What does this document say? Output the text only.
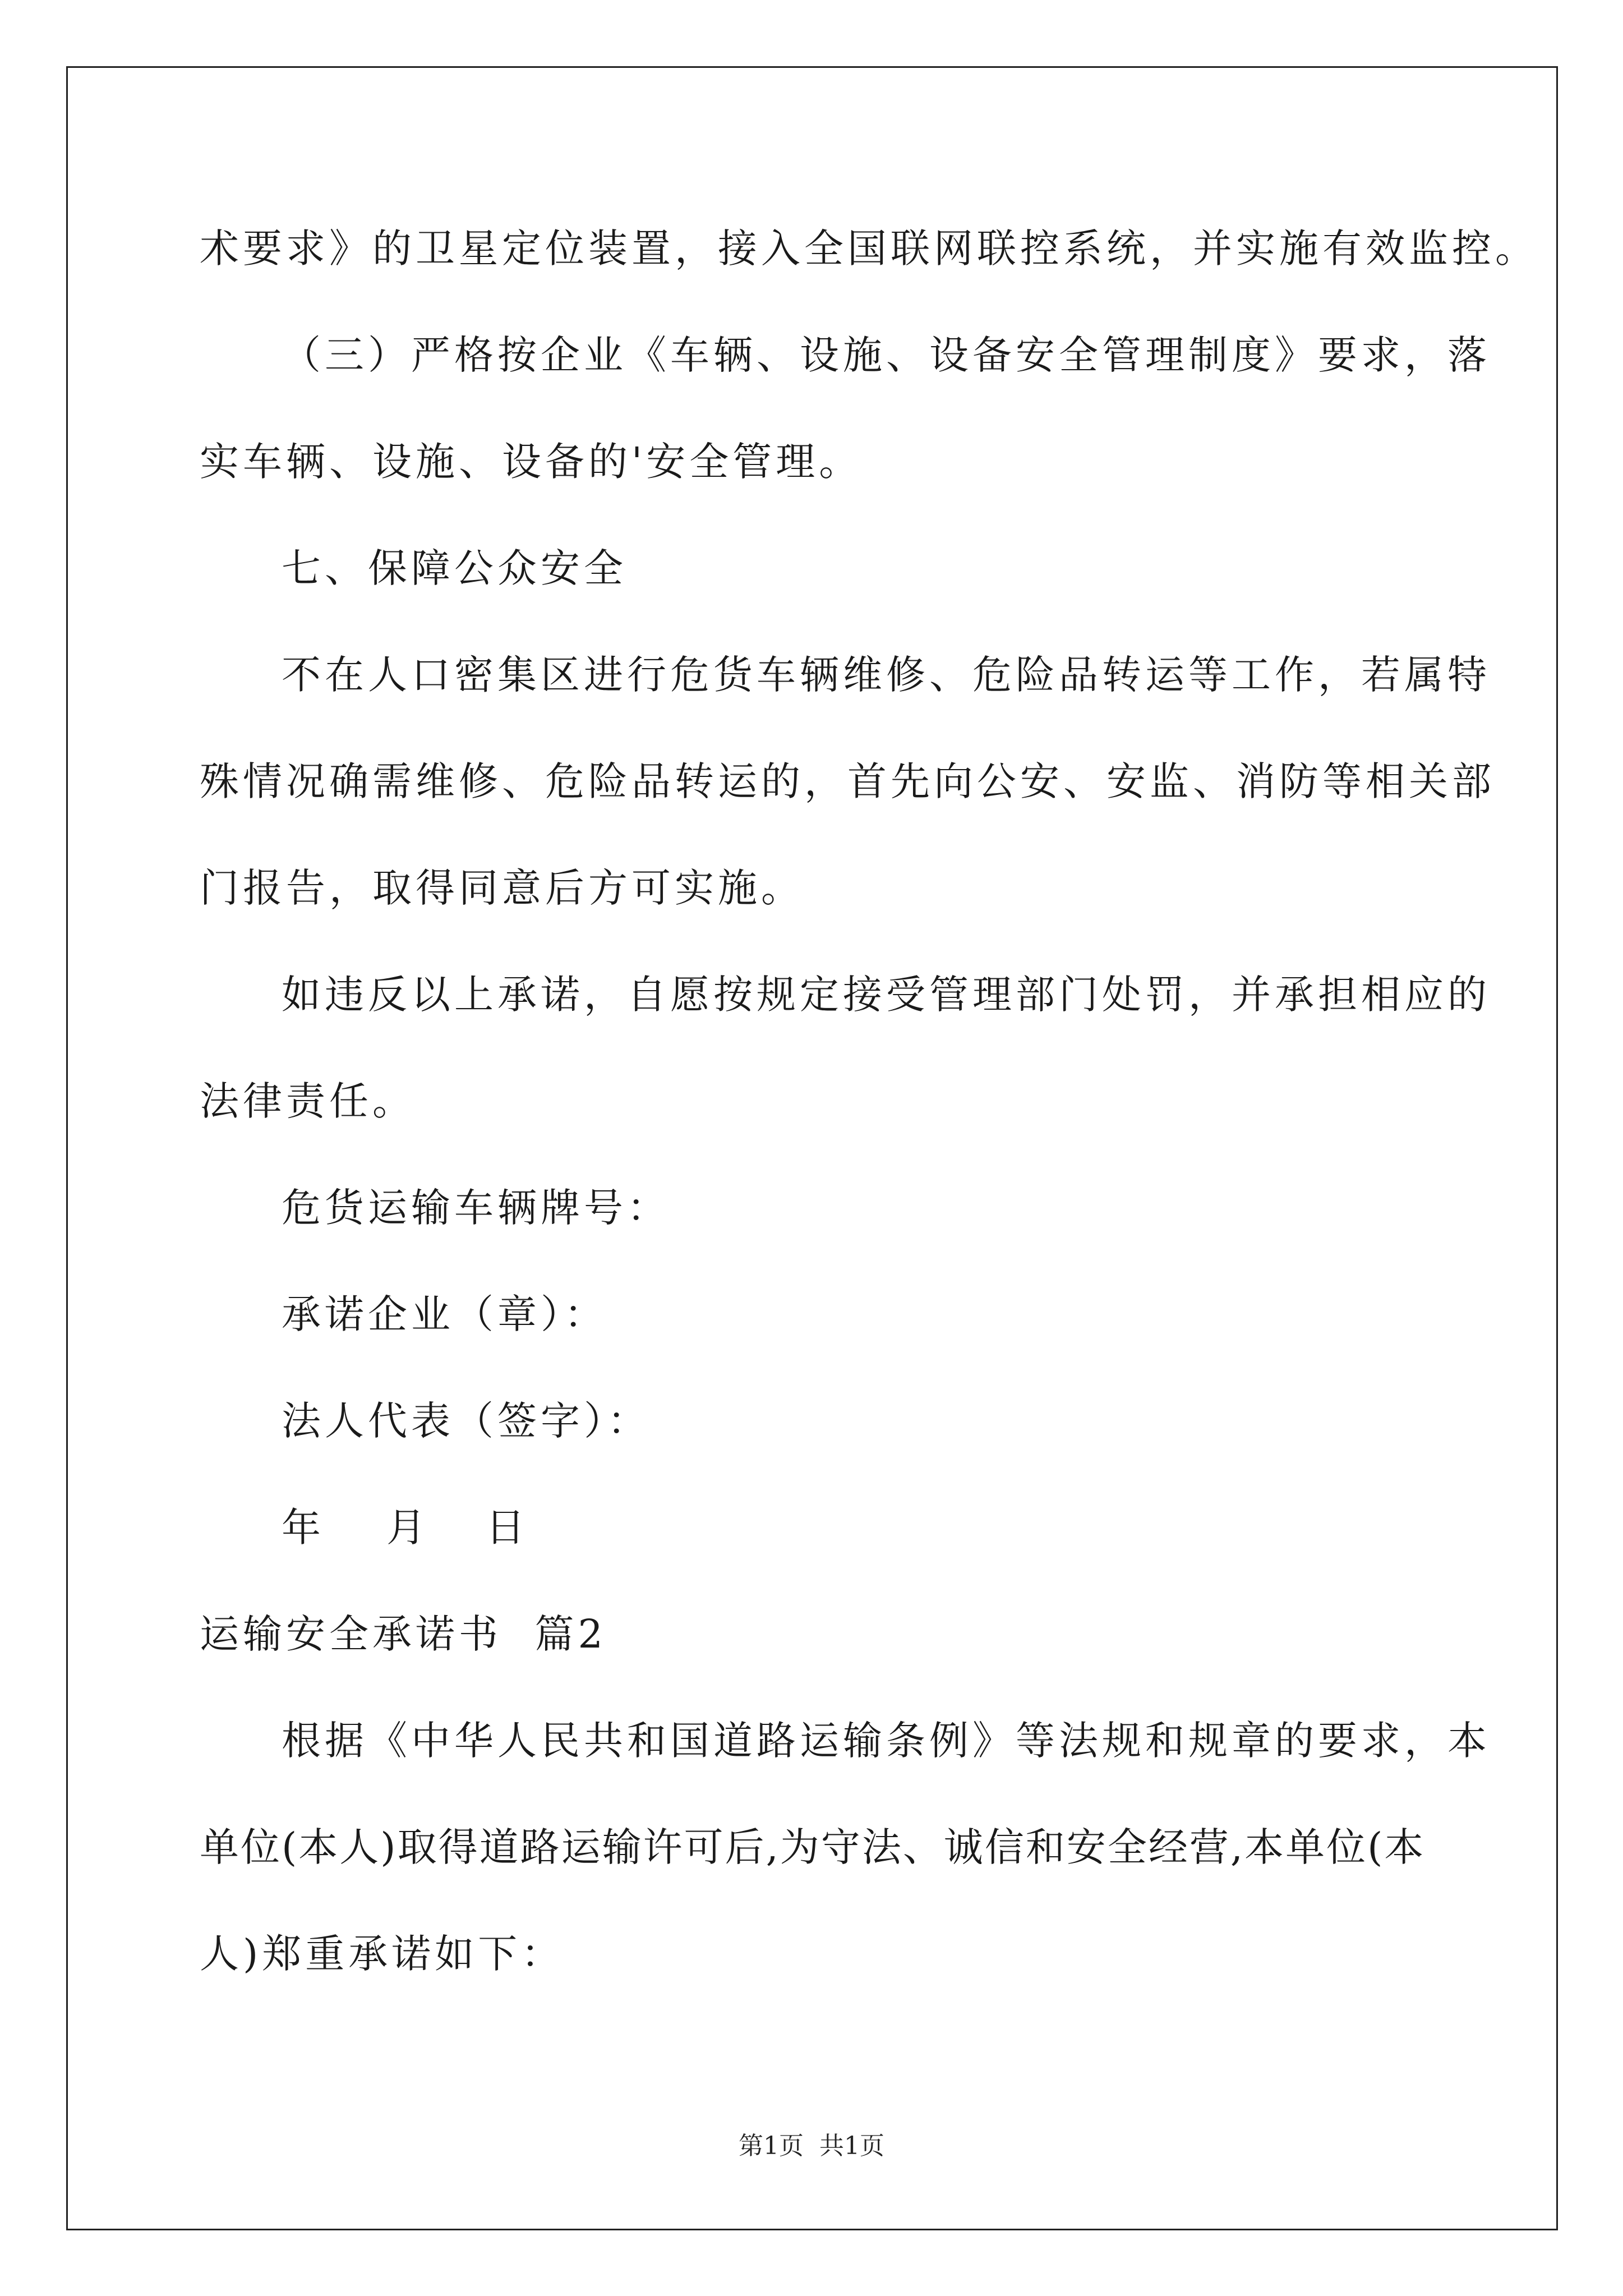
术要求》的卫星定位装置，接入全国联网联控系统，并实施有效监控。
（三）严格按企业《车辆、设施、设备安全管理制度》要求，落
实车辆、设施、设备的'安全管理。
七、保障公众安全
不在人口密集区进行危货车辆维修、危险品转运等工作，若属特
殊情况确需维修、危险品转运的，首先向公安、安监、消防等相关部
门报告，取得同意后方可实施。
如违反以上承诺，自愿按规定接受管理部门处罚，并承担相应的
法律责任。
危货运输车辆牌号：
承诺企业（章）：
法人代表（签字）：
年 月 日
运输安全承诺书  篇2
根据《中华人民共和国道路运输条例》等法规和规章的要求，本
单位(本人)取得道路运输许可后,为守法、诚信和安全经营,本单位(本
人)郑重承诺如下：
第1页 共1页
